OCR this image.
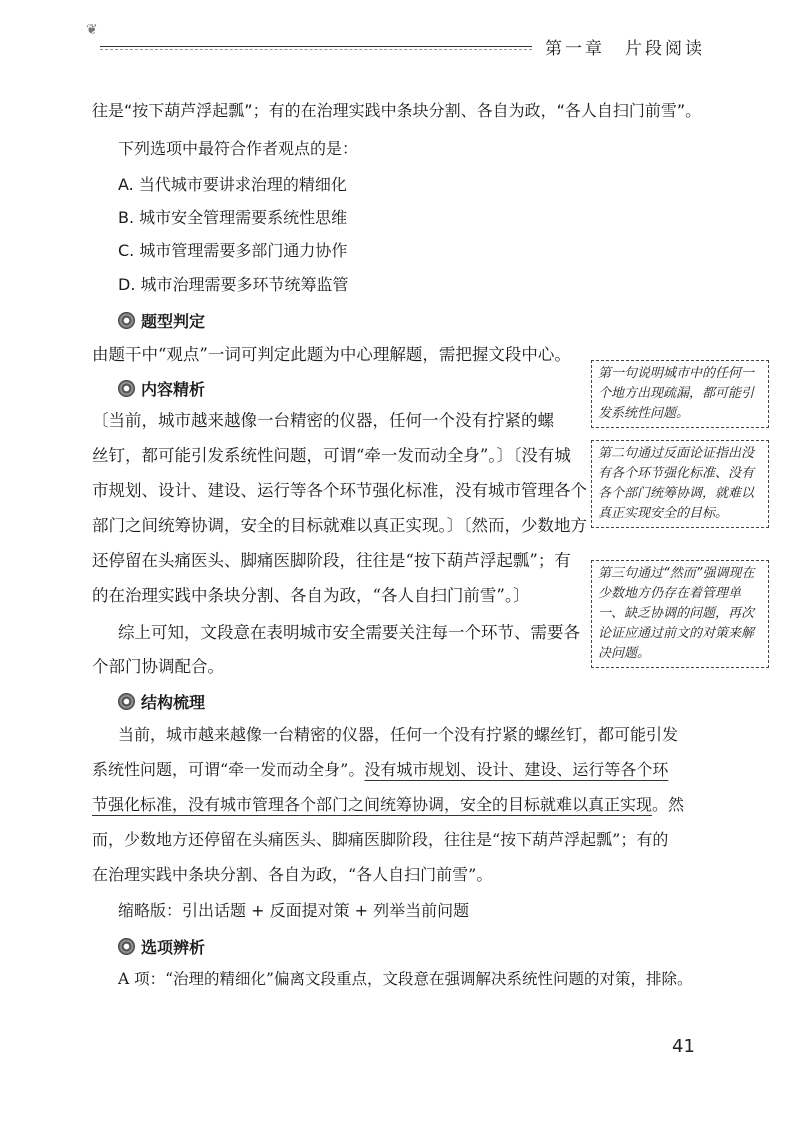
❦
第一章　片段阅读
往是“按下葫芦浮起瓢”；有的在治理实践中条块分割、各自为政，“各人自扫门前雪”。
下列选项中最符合作者观点的是：
A. 当代城市要讲求治理的精细化
B. 城市安全管理需要系统性思维
C. 城市管理需要多部门通力协作
D. 城市治理需要多环节统筹监管
题型判定
由题干中“观点”一词可判定此题为中心理解题，需把握文段中心。
内容精析
〔当前，城市越来越像一台精密的仪器，任何一个没有拧紧的螺
丝钉，都可能引发系统性问题，可谓“牵一发而动全身”。〕〔没有城
市规划、设计、建设、运行等各个环节强化标准，没有城市管理各个
部门之间统筹协调，安全的目标就难以真正实现。〕〔然而，少数地方
还停留在头痛医头、脚痛医脚阶段，往往是“按下葫芦浮起瓢”；有
的在治理实践中条块分割、各自为政，“各人自扫门前雪”。〕
综上可知，文段意在表明城市安全需要关注每一个环节、需要各
个部门协调配合。
第一句说明城市中的任何一个地方出现疏漏，都可能引发系统性问题。
第二句通过反面论证指出没有各个环节强化标准、没有各个部门统筹协调，就难以真正实现安全的目标。
第三句通过“然而”强调现在少数地方仍存在着管理单一、缺乏协调的问题，再次论证应通过前文的对策来解决问题。
结构梳理
当前，城市越来越像一台精密的仪器，任何一个没有拧紧的螺丝钉，都可能引发
系统性问题，可谓“牵一发而动全身”。没有城市规划、设计、建设、运行等各个环
节强化标准，没有城市管理各个部门之间统筹协调，安全的目标就难以真正实现。然
而，少数地方还停留在头痛医头、脚痛医脚阶段，往往是“按下葫芦浮起瓢”；有的
在治理实践中条块分割、各自为政，“各人自扫门前雪”。
缩略版：引出话题 + 反面提对策 + 列举当前问题
选项辨析
A 项：“治理的精细化”偏离文段重点，文段意在强调解决系统性问题的对策，排除。
41
